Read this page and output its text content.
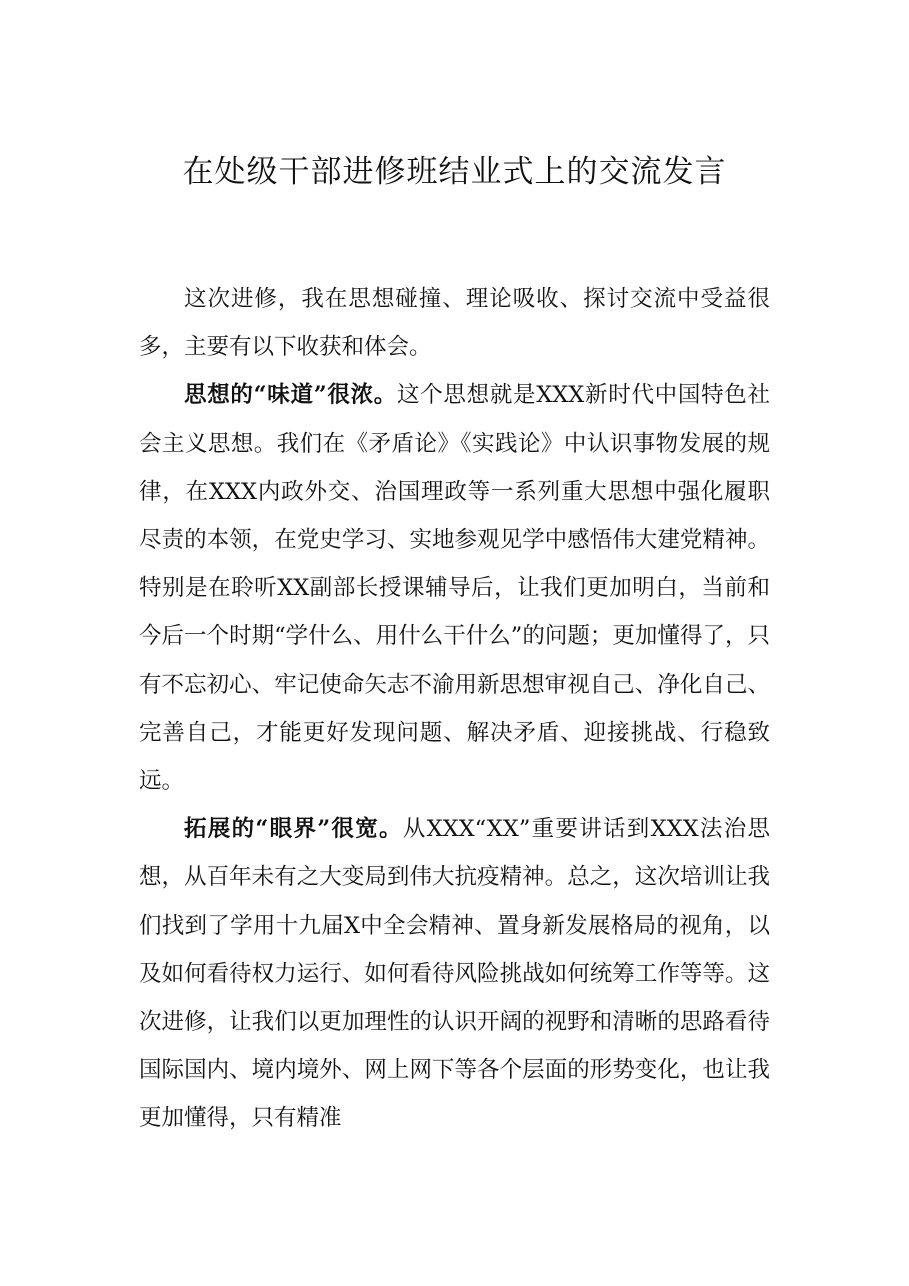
在处级干部进修班结业式上的交流发言

这次进修，我在思想碰撞、理论吸收、探讨交流中受益很多，主要有以下收获和体会。

思想的“味道”很浓。这个思想就是XXX新时代中国特色社会主义思想。我们在《矛盾论》《实践论》中认识事物发展的规律，在XXX内政外交、治国理政等一系列重大思想中强化履职尽责的本领，在党史学习、实地参观见学中感悟伟大建党精神。特别是在聆听XX副部长授课辅导后，让我们更加明白，当前和今后一个时期“学什么、用什么干什么”的问题；更加懂得了，只有不忘初心、牢记使命矢志不渝用新思想审视自己、净化自己、完善自己，才能更好发现问题、解决矛盾、迎接挑战、行稳致远。

拓展的“眼界”很宽。从XXX“XX”重要讲话到XXX法治思想，从百年未有之大变局到伟大抗疫精神。总之，这次培训让我们找到了学用十九届X中全会精神、置身新发展格局的视角，以及如何看待权力运行、如何看待风险挑战如何统筹工作等等。这次进修，让我们以更加理性的认识开阔的视野和清晰的思路看待国际国内、境内境外、网上网下等各个层面的形势变化，也让我更加懂得，只有精准
